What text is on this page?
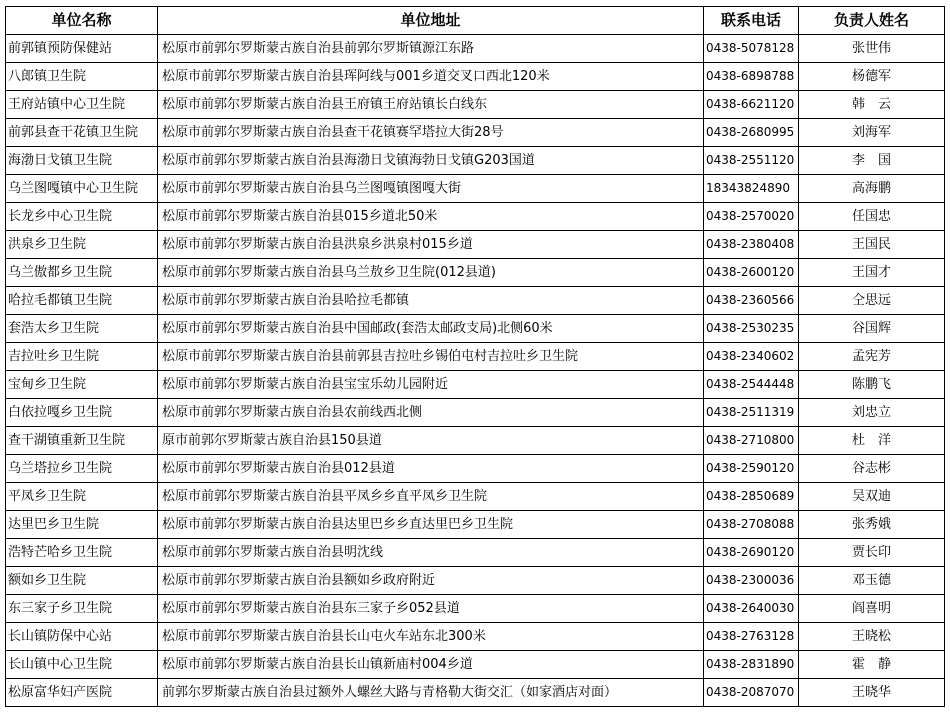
单位名称	单位地址	联系电话	负责人姓名
前郭镇预防保健站	松原市前郭尔罗斯蒙古族自治县前郭尔罗斯镇源江东路	0438-5078128	张世伟
八郎镇卫生院	松原市前郭尔罗斯蒙古族自治县珲阿线与001乡道交叉口西北120米	0438-6898788	杨德军
王府站镇中心卫生院	松原市前郭尔罗斯蒙古族自治县王府镇王府站镇长白线东	0438-6621120	韩　云
前郭县查干花镇卫生院	松原市前郭尔罗斯蒙古族自治县查干花镇赛罕塔拉大街28号	0438-2680995	刘海军
海渤日戈镇卫生院	松原市前郭尔罗斯蒙古族自治县海渤日戈镇海勃日戈镇G203国道	0438-2551120	李　国
乌兰图嘎镇中心卫生院	松原市前郭尔罗斯蒙古族自治县乌兰图嘎镇图嘎大街	18343824890	高海鹏
长龙乡中心卫生院	松原市前郭尔罗斯蒙古族自治县015乡道北50米	0438-2570020	任国忠
洪泉乡卫生院	松原市前郭尔罗斯蒙古族自治县洪泉乡洪泉村015乡道	0438-2380408	王国民
乌兰傲都乡卫生院	松原市前郭尔罗斯蒙古族自治县乌兰敖乡卫生院(012县道)	0438-2600120	王国才
哈拉毛都镇卫生院	松原市前郭尔罗斯蒙古族自治县哈拉毛都镇	0438-2360566	仝思远
套浩太乡卫生院	松原市前郭尔罗斯蒙古族自治县中国邮政(套浩太邮政支局)北侧60米	0438-2530235	谷国辉
吉拉吐乡卫生院	松原市前郭尔罗斯蒙古族自治县前郭县吉拉吐乡锡伯屯村吉拉吐乡卫生院	0438-2340602	孟宪芳
宝甸乡卫生院	松原市前郭尔罗斯蒙古族自治县宝宝乐幼儿园附近	0438-2544448	陈鹏飞
白依拉嘎乡卫生院	松原市前郭尔罗斯蒙古族自治县农前线西北侧	0438-2511319	刘忠立
查干湖镇重新卫生院	原市前郭尔罗斯蒙古族自治县150县道	0438-2710800	杜　洋
乌兰塔拉乡卫生院	松原市前郭尔罗斯蒙古族自治县012县道	0438-2590120	谷志彬
平凤乡卫生院	松原市前郭尔罗斯蒙古族自治县平凤乡乡直平凤乡卫生院	0438-2850689	吴双迪
达里巴乡卫生院	松原市前郭尔罗斯蒙古族自治县达里巴乡乡直达里巴乡卫生院	0438-2708088	张秀娥
浩特芒哈乡卫生院	松原市前郭尔罗斯蒙古族自治县明沈线	0438-2690120	贾长印
额如乡卫生院	松原市前郭尔罗斯蒙古族自治县额如乡政府附近	0438-2300036	邓玉德
东三家子乡卫生院	松原市前郭尔罗斯蒙古族自治县东三家子乡052县道	0438-2640030	阎喜明
长山镇防保中心站	松原市前郭尔罗斯蒙古族自治县长山屯火车站东北300米	0438-2763128	王晓松
长山镇中心卫生院	松原市前郭尔罗斯蒙古族自治县长山镇新庙村004乡道	0438-2831890	霍　静
松原富华妇产医院	前郭尔罗斯蒙古族自治县过额外人螺丝大路与青格勒大街交汇（如家酒店对面）	0438-2087070	王晓华
